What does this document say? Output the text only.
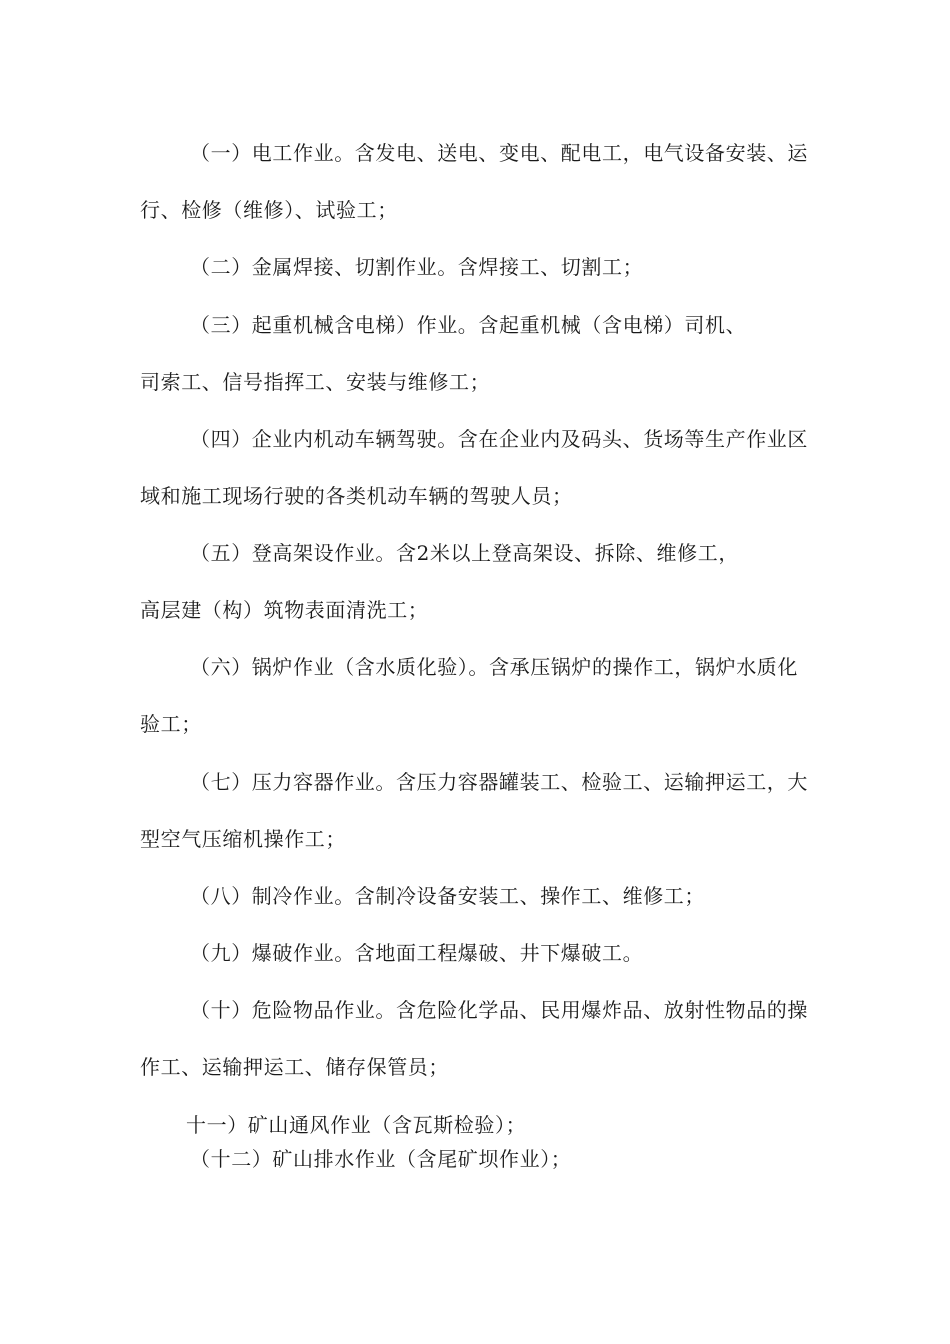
（一）电工作业。含发电、送电、变电、配电工，电气设备安装、运
行、检修（维修）、试验工；
（二）金属焊接、切割作业。含焊接工、切割工；
（三）起重机械含电梯）作业。含起重机械（含电梯）司机、
司索工、信号指挥工、安装与维修工；
（四）企业内机动车辆驾驶。含在企业内及码头、货场等生产作业区
域和施工现场行驶的各类机动车辆的驾驶人员；
（五）登高架设作业。含2米以上登高架设、拆除、维修工，
高层建（构）筑物表面清洗工；
（六）锅炉作业（含水质化验）。含承压锅炉的操作工，锅炉水质化
验工；
（七）压力容器作业。含压力容器罐装工、检验工、运输押运工，大
型空气压缩机操作工；
（八）制冷作业。含制冷设备安装工、操作工、维修工；
（九）爆破作业。含地面工程爆破、井下爆破工。
（十）危险物品作业。含危险化学品、民用爆炸品、放射性物品的操
作工、运输押运工、储存保管员；
十一）矿山通风作业（含瓦斯检验）；
（十二）矿山排水作业（含尾矿坝作业）；
